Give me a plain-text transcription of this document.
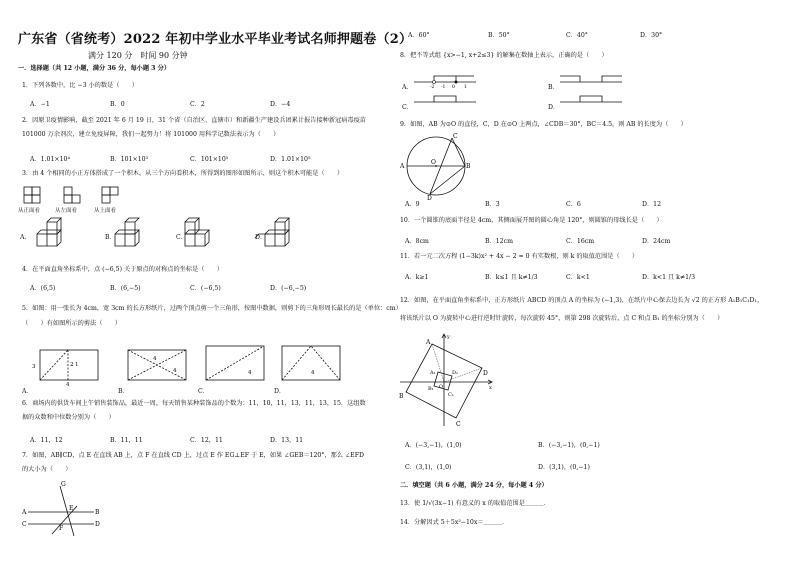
广东省（省统考）2022 年初中学业水平毕业考试名师押题卷（2）
满分 120 分　时间 90 分钟
一．选择题（共 12 小题，满分 36 分，每小题 3 分）
1．下列各数中，比 −3 小的数是（　　）
A．−1	B．0	C．2	D．−4
2．因原卫疫情影响，截至 2021 年 6 月 19 日，31 个省（自治区、直辖市）和新疆生产建设兵团累计报告接种新冠病毒疫苗
101000 万余剂次，建立免疫屏障，我们一起努力！将 101000 用科学记数法表示为（　　）
A．1.01×10⁴	B．101×10³	C．101×10⁵	D．1.01×10⁵
3．由 4 个相同的小正方体搭成了一个积木，从三个方向看积木，所得到的图形如图所示，则这个积木可能是（　　）
从正面看	从左面看	从上面看
A．	B．	C．	D．
4．在平面直角坐标系中，点 (−6,5) 关于原点的对称点的坐标是（　　）
A．(6,5)	B．(6,−5)	C．(−6,5)	D．(−6,−5)
5．如图：用一张长为 4cm，宽 3cm 的长方形纸片，过两个顶点剪一个三角形，按图中数据，则剪下的三角形周长最长的是（单位：cm）
（　　）有如图所示的剪法（　　）
3
4
2 1
4
4	4	4
A．	B．	C．	D．
6．商场内的供货车间上午销售装饰品，最近一周，每天销售某种装饰品的个数为：11，10，11，13，11，13，15．这组数
据的众数和中位数分别为（　　）
A．11，12	B．11，11	C．12，11	D．13，11
7．如图，AB∥CD，点 E 在直线 AB 上，点 F 在直线 CD 上，过点 E 作 EG⊥EF 于 E，如果 ∠GEB＝120°，那么 ∠EFD
的大小为（　　）
G
A
E
B
C
F
D
A．60°	B．50°	C．40°	D．30°
8．把不等式组 {x>−1, x+2≤3} 的解集在数轴上表示，正确的是（　　）
A．	B．
C．	D．
-2 -1 0 1
9．如图，AB 为⊙O 的直径，C，D 在⊙O 上两点，∠CDB＝30°，BC＝4.5，则 AB 的长度为（　　）
A
O
B
C
D
A．9	B．3	C．6	D．12
10．一个圆锥的底面半径是 4cm，其侧面展开图的圆心角是 120°，则圆锥的母线长是（　　）
A．8cm	B．12cm	C．16cm	D．24cm
11．若一元二次方程 (1−3k)x² + 4x − 2 = 0 有实数根，则 k 的取值范围是（　　）
A．k≥1	B．k≤1 且 k≠1/3	C．k<1	D．k<1 且 k≠1/3
12．如图，在平面直角坐标系中，正方形纸片 ABCD 的顶点 A 的坐标为 (−1,3)，在纸片中心保去边长为 √2 的正方形 A₁B₁C₁D₁，
将该纸片以 O 为旋转中心进行逆时针旋转，每次旋转 45°，则第 298 次旋转后，点 C 和点 B₁ 的坐标分别为（　　）
A
B
C
D
A₁
B₁
C₁
D₁
O	x
y
A．(−3,−1)，(1,0)	B．(−3,−1)，(0,−1)
C．(3,1)，(1,0)	D．(3,1)，(0,−1)
二．填空题（共 6 小题，满分 24 分，每小题 4 分）
13．使 1/√(3x−1) 有意义的 x 的取值范围是＿＿＿．
14．分解因式 5＋5x²−10x＝＿＿＿．
